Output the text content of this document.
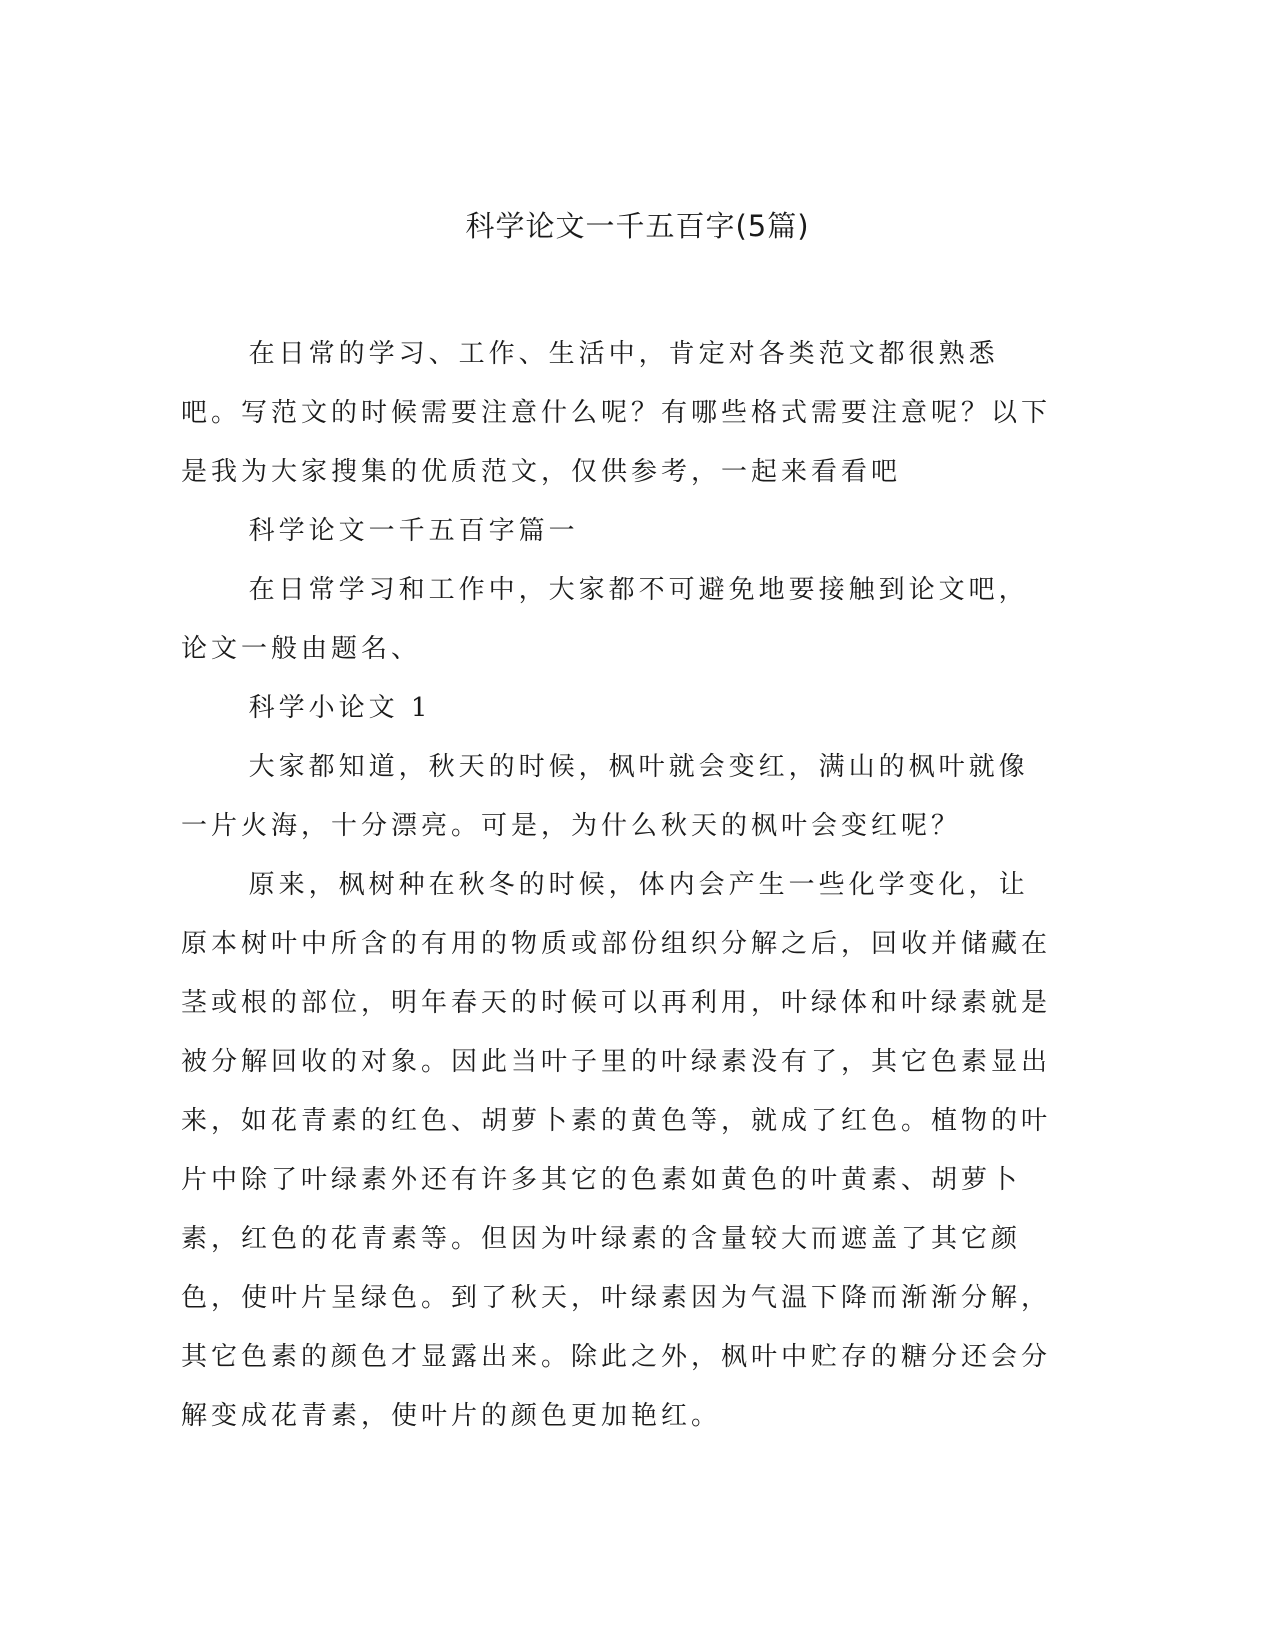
科学论文一千五百字(5篇)

在日常的学习、工作、生活中，肯定对各类范文都很熟悉吧。写范文的时候需要注意什么呢？有哪些格式需要注意呢？以下是我为大家搜集的优质范文，仅供参考，一起来看看吧

科学论文一千五百字篇一

在日常学习和工作中，大家都不可避免地要接触到论文吧，论文一般由题名、

科学小论文 1

大家都知道，秋天的时候，枫叶就会变红，满山的枫叶就像一片火海，十分漂亮。可是，为什么秋天的枫叶会变红呢？

原来，枫树种在秋冬的时候，体内会产生一些化学变化，让原本树叶中所含的有用的物质或部份组织分解之后，回收并储藏在茎或根的部位，明年春天的时候可以再利用，叶绿体和叶绿素就是被分解回收的对象。因此当叶子里的叶绿素没有了，其它色素显出来，如花青素的红色、胡萝卜素的黄色等，就成了红色。植物的叶片中除了叶绿素外还有许多其它的色素如黄色的叶黄素、胡萝卜素，红色的花青素等。但因为叶绿素的含量较大而遮盖了其它颜色，使叶片呈绿色。到了秋天，叶绿素因为气温下降而渐渐分解，其它色素的颜色才显露出来。除此之外，枫叶中贮存的糖分还会分解变成花青素，使叶片的颜色更加艳红。
